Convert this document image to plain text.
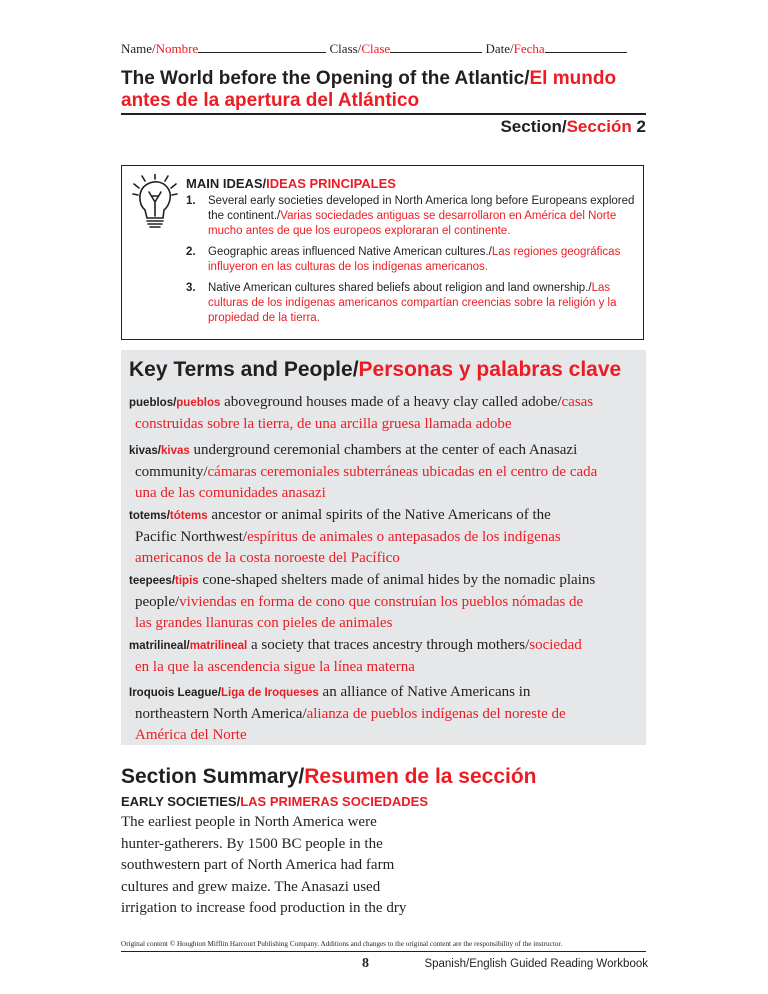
Name/Nombre	Class/Clase	Date/Fecha
The World before the Opening of the Atlantic/El mundo antes de la apertura del Atlántico
Section/Sección 2
MAIN IDEAS/IDEAS PRINCIPALES
1.	Several early societies developed in North America long before Europeans explored the continent./Varias sociedades antiguas se desarrollaron en América del Norte mucho antes de que los europeos exploraran el continente.
2.	Geographic areas influenced Native American cultures./Las regiones geográficas influyeron en las culturas de los indígenas americanos.
3.	Native American cultures shared beliefs about religion and land ownership./Las culturas de los indígenas americanos compartían creencias sobre la religión y la propiedad de la tierra.
Key Terms and People/Personas y palabras clave
pueblos/pueblos aboveground houses made of a heavy clay called adobe/casas
construidas sobre la tierra, de una arcilla gruesa llamada adobe
kivas/kivas underground ceremonial chambers at the center of each Anasazi
community/cámaras ceremoniales subterráneas ubicadas en el centro de cada
una de las comunidades anasazi
totems/tótems ancestor or animal spirits of the Native Americans of the
Pacific Northwest/espíritus de animales o antepasados de los indígenas
americanos de la costa noroeste del Pacífico
teepees/tipis cone-shaped shelters made of animal hides by the nomadic plains
people/viviendas en forma de cono que construían los pueblos nómadas de
las grandes llanuras con pieles de animales
matrilineal/matrilineal a society that traces ancestry through mothers/sociedad
en la que la ascendencia sigue la línea materna
Iroquois League/Liga de Iroqueses an alliance of Native Americans in
northeastern North America/alianza de pueblos indígenas del noreste de
América del Norte
Section Summary/Resumen de la sección
EARLY SOCIETIES/LAS PRIMERAS SOCIEDADES
The earliest people in North America were
hunter-gatherers. By 1500 BC people in the
southwestern part of North America had farm
cultures and grew maize. The Anasazi used
irrigation to increase food production in the dry
Original content © Houghton Mifflin Harcourt Publishing Company. Additions and changes to the original content are the responsibility of the instructor.
8	Spanish/English Guided Reading Workbook
